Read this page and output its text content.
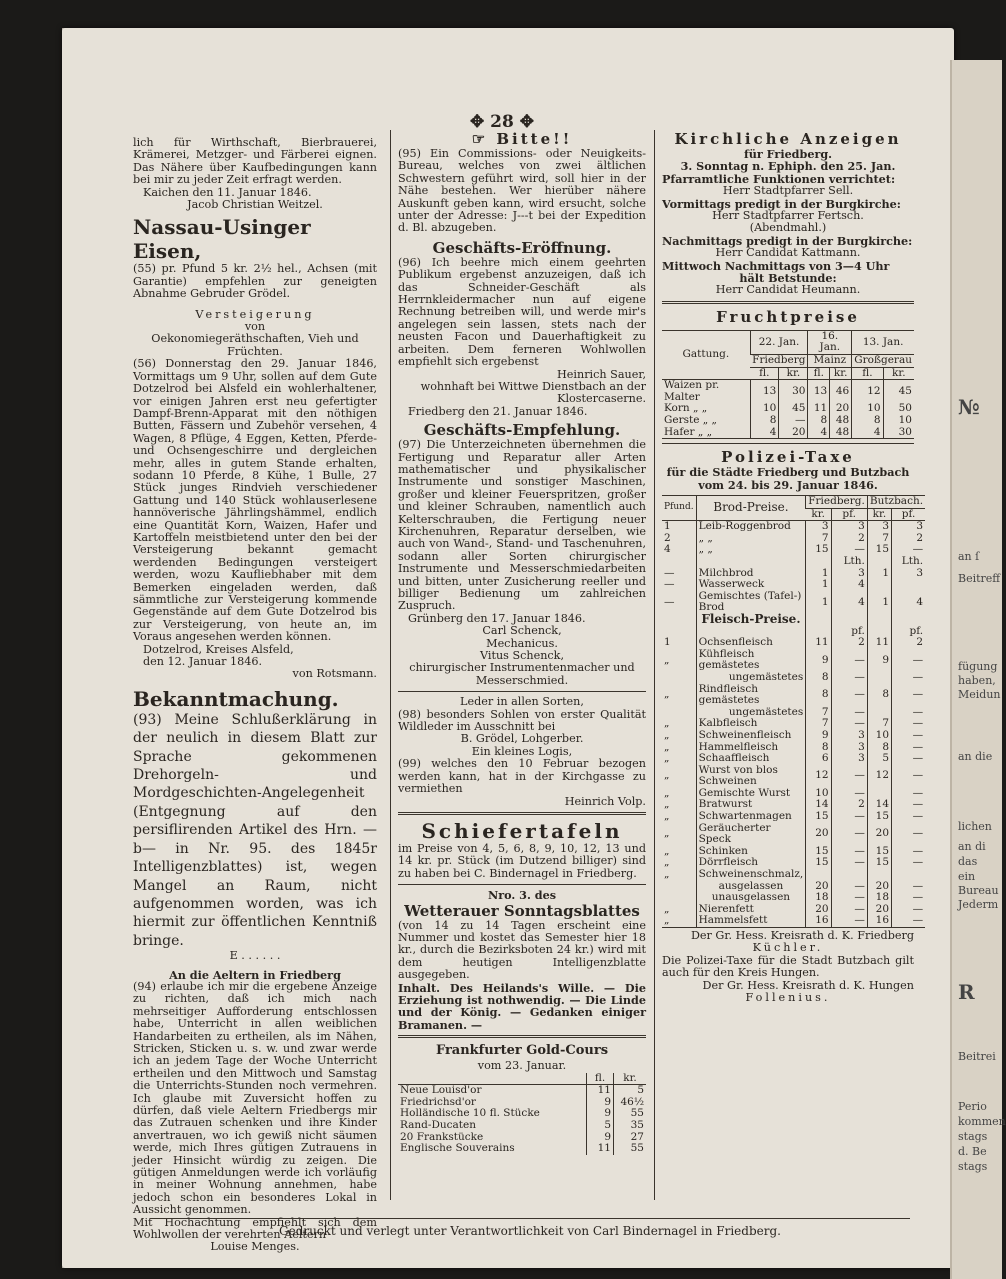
№
an ſ
Beitreff
fügung
haben,
Meidun
an die
lichen
an di
das
ein
Bureau
Jederm
R
Beitrei
Perio
kommen
stags
d. Be
stags
✥ 28 ✥

lich für Wirthschaft, Bierbrauerei, Krämerei, Metzger- und Färberei eignen. Das Nähere über Kaufbedingungen kann bei mir zu jeder Zeit erfragt werden.

Kaichen den 11. Januar 1846.

Jacob Christian Weitzel.

Nassau-Usinger Eisen,

(55) pr. Pfund 5 kr. 2½ hel., Achsen (mit Garantie) empfehlen zur geneigten Abnahme Gebruder Grödel.

Versteigerung

von

Oekonomiegeräthschaften, Vieh und Früchten.

(56) Donnerstag den 29. Januar 1846, Vormittags um 9 Uhr, sollen auf dem Gute Dotzelrod bei Alsfeld ein wohlerhaltener, vor einigen Jahren erst neu gefertigter Dampf-Brenn-Apparat mit den nöthigen Butten, Fässern und Zubehör versehen, 4 Wagen, 8 Pflüge, 4 Eggen, Ketten, Pferde- und Ochsengeschirre und dergleichen mehr, alles in gutem Stande erhalten, sodann 10 Pferde, 8 Kühe, 1 Bulle, 27 Stück junges Rindvieh verschiedener Gattung und 140 Stück wohlauserlesene hannöverische Jährlingshämmel, endlich eine Quantität Korn, Waizen, Hafer und Kartoffeln meistbietend unter den bei der Versteigerung bekannt gemacht werdenden Bedingungen versteigert werden, wozu Kaufliebhaber mit dem Bemerken eingeladen werden, daß sämmtliche zur Versteigerung kommende Gegenstände auf dem Gute Dotzelrod bis zur Versteigerung, von heute an, im Voraus angesehen werden können.

Dotzelrod, Kreises Alsfeld,

den 12. Januar 1846.

von Rotsmann.

Bekanntmachung.

(93) Meine Schlußerklärung in der neulich in diesem Blatt zur Sprache gekommenen Drehorgeln- und Mordgeschichten-Angelegenheit (Entgegnung auf den persiflirenden Artikel des Hrn. —b— in Nr. 95. des 1845r Intelligenzblattes) ist, wegen Mangel an Raum, nicht aufgenommen worden, was ich hiermit zur öffentlichen Kenntniß bringe.

E . . . . . .

An die Aeltern in Friedberg

(94) erlaube ich mir die ergebene Anzeige zu richten, daß ich mich nach mehrseitiger Aufforderung entschlossen habe, Unterricht in allen weiblichen Handarbeiten zu ertheilen, als im Nähen, Stricken, Sticken u. s. w. und zwar werde ich an jedem Tage der Woche Unterricht ertheilen und den Mittwoch und Samstag die Unterrichts-Stunden noch vermehren. Ich glaube mit Zuversicht hoffen zu dürfen, daß viele Aeltern Friedbergs mir das Zutrauen schenken und ihre Kinder anvertrauen, wo ich gewiß nicht säumen werde, mich Ihres gütigen Zutrauens in jeder Hinsicht würdig zu zeigen. Die gütigen Anmeldungen werde ich vorläufig in meiner Wohnung annehmen, habe jedoch schon ein besonderes Lokal in Aussicht genommen.

Mit Hochachtung empfiehlt sich dem Wohlwollen der verehrten Aeltern

Louise Menges.

☞ Bitte!!

(95) Ein Commissions- oder Neuigkeits-Bureau, welches von zwei ältlichen Schwestern geführt wird, soll hier in der Nähe bestehen. Wer hierüber nähere Auskunft geben kann, wird ersucht, solche unter der Adresse: J---t bei der Expedition d. Bl. abzugeben.

Geschäfts-Eröffnung.

(96) Ich beehre mich einem geehrten Publikum ergebenst anzuzeigen, daß ich das Schneider-Geschäft als Herrnkleidermacher nun auf eigene Rechnung betreiben will, und werde mir's angelegen sein lassen, stets nach der neusten Facon und Dauerhaftigkeit zu arbeiten. Dem ferneren Wohlwollen empfiehlt sich ergebenst

Heinrich Sauer,

wohnhaft bei Wittwe Dienstbach an der Klostercaserne.

Friedberg den 21. Januar 1846.

Geschäfts-Empfehlung.

(97) Die Unterzeichneten übernehmen die Fertigung und Reparatur aller Arten mathematischer und physikalischer Instrumente und sonstiger Maschinen, großer und kleiner Feuerspritzen, großer und kleiner Schrauben, namentlich auch Kelterschrauben, die Fertigung neuer Kirchenuhren, Reparatur derselben, wie auch von Wand-, Stand- und Taschenuhren, sodann aller Sorten chirurgischer Instrumente und Messerschmiedarbeiten und bitten, unter Zusicherung reeller und billiger Bedienung um zahlreichen Zuspruch.

Grünberg den 17. Januar 1846.

Carl Schenck,

Mechanicus.

Vitus Schenck,

chirurgischer Instrumentenmacher und Messerschmied.

Leder in allen Sorten,

(98) besonders Sohlen von erster Qualität Wildleder im Ausschnitt bei

B. Grödel, Lohgerber.

Ein kleines Logis,

(99) welches den 10 Februar bezogen werden kann, hat in der Kirchgasse zu vermiethen

Heinrich Volp.

Schiefertafeln

im Preise von 4, 5, 6, 8, 9, 10, 12, 13 und 14 kr. pr. Stück (im Dutzend billiger) sind zu haben bei C. Bindernagel in Friedberg.

Nro. 3. des

Wetterauer Sonntagsblattes

(von 14 zu 14 Tagen erscheint eine Nummer und kostet das Semester hier 18 kr., durch die Bezirksboten 24 kr.) wird mit dem heutigen Intelligenzblatte ausgegeben.

Inhalt. Des Heilands's Wille. — Die Erziehung ist nothwendig. — Die Linde und der König. — Gedanken einiger Bramanen. —

Frankfurter Gold-Cours

vom 23. Januar.

	fl.	kr.
Neue Louisd'or	11	5
Friedrichsd'or	9	46½
Holländische 10 fl. Stücke	9	55
Rand-Ducaten	5	35
20 Frankstücke	9	27
Englische Souverains	11	55

Kirchliche Anzeigen

für Friedberg.

3. Sonntag n. Ephiph. den 25. Jan.

Pfarramtliche Funktionen verrichtet:

Herr Stadtpfarrer Sell.

Vormittags predigt in der Burgkirche:

Herr Stadtpfarrer Fertsch.

(Abendmahl.)

Nachmittags predigt in der Burgkirche:

Herr Candidat Kattmann.

Mittwoch Nachmittags von 3—4 Uhr

hält Betstunde:

Herr Candidat Heumann.

Fruchtpreise

Gattung.	22. Jan.		16. Jan.		13. Jan.	
	Friedberg		Mainz		Großgerau	
	fl.	kr.	fl.	kr.	fl.	kr.
Waizen pr. Malter	13	30	13	46	12	45
Korn „ „	10	45	11	20	10	50
Gerste „ „	8	—	8	48	8	10
Hafer „ „	4	20	4	48	4	30

Polizei-Taxe

für die Städte Friedberg und Butzbach

vom 24. bis 29. Januar 1846.

Pfund.	Brod-Preise.	Friedberg.		Butzbach.	
		kr.	pf.	kr.	pf.
1	Leib-Roggenbrod	3	3	3	3
2	„ „	7	2	7	2
4	„ „	15	—	15	—
			Lth.		Lth.
—	Milchbrod	1	3	1	3
—	Wasserweck	1	4		
—	Gemischtes (Tafel-) Brod	1	4	1	4
	Fleisch-Preise.				
			pf.		pf.
1	Ochsenfleisch	11	2	11	2
„	Kühfleisch gemästetes	9	—	9	—
	ungemästetes	8	—		—
„	Rindfleisch gemästetes	8	—	8	—
	ungemästetes	7	—		—
„	Kalbfleisch	7	—	7	—
„	Schweinenfleisch	9	3	10	—
„	Hammelfleisch	8	3	8	—
„	Schaaffleisch	6	3	5	—
„	Wurst von blos Schweinen	12	—	12	—
„	Gemischte Wurst	10	—		—
„	Bratwurst	14	2	14	—
„	Schwartenmagen	15	—	15	—
„	Geräucherter Speck	20	—	20	—
„	Schinken	15	—	15	—
„	Dörrfleisch	15	—	15	—
„	Schweinenschmalz,				
	ausgelassen	20	—	20	—
	unausgelassen	18	—	18	—
„	Nierenfett	20	—	20	—
„	Hammelsfett	16	—	16	—

Der Gr. Hess. Kreisrath d. K. Friedberg

Küchler.

Die Polizei-Taxe für die Stadt Butzbach gilt auch für den Kreis Hungen.

Der Gr. Hess. Kreisrath d. K. Hungen

Follenius.

Gedruckt und verlegt unter Verantwortlichkeit von Carl Bindernagel in Friedberg.
